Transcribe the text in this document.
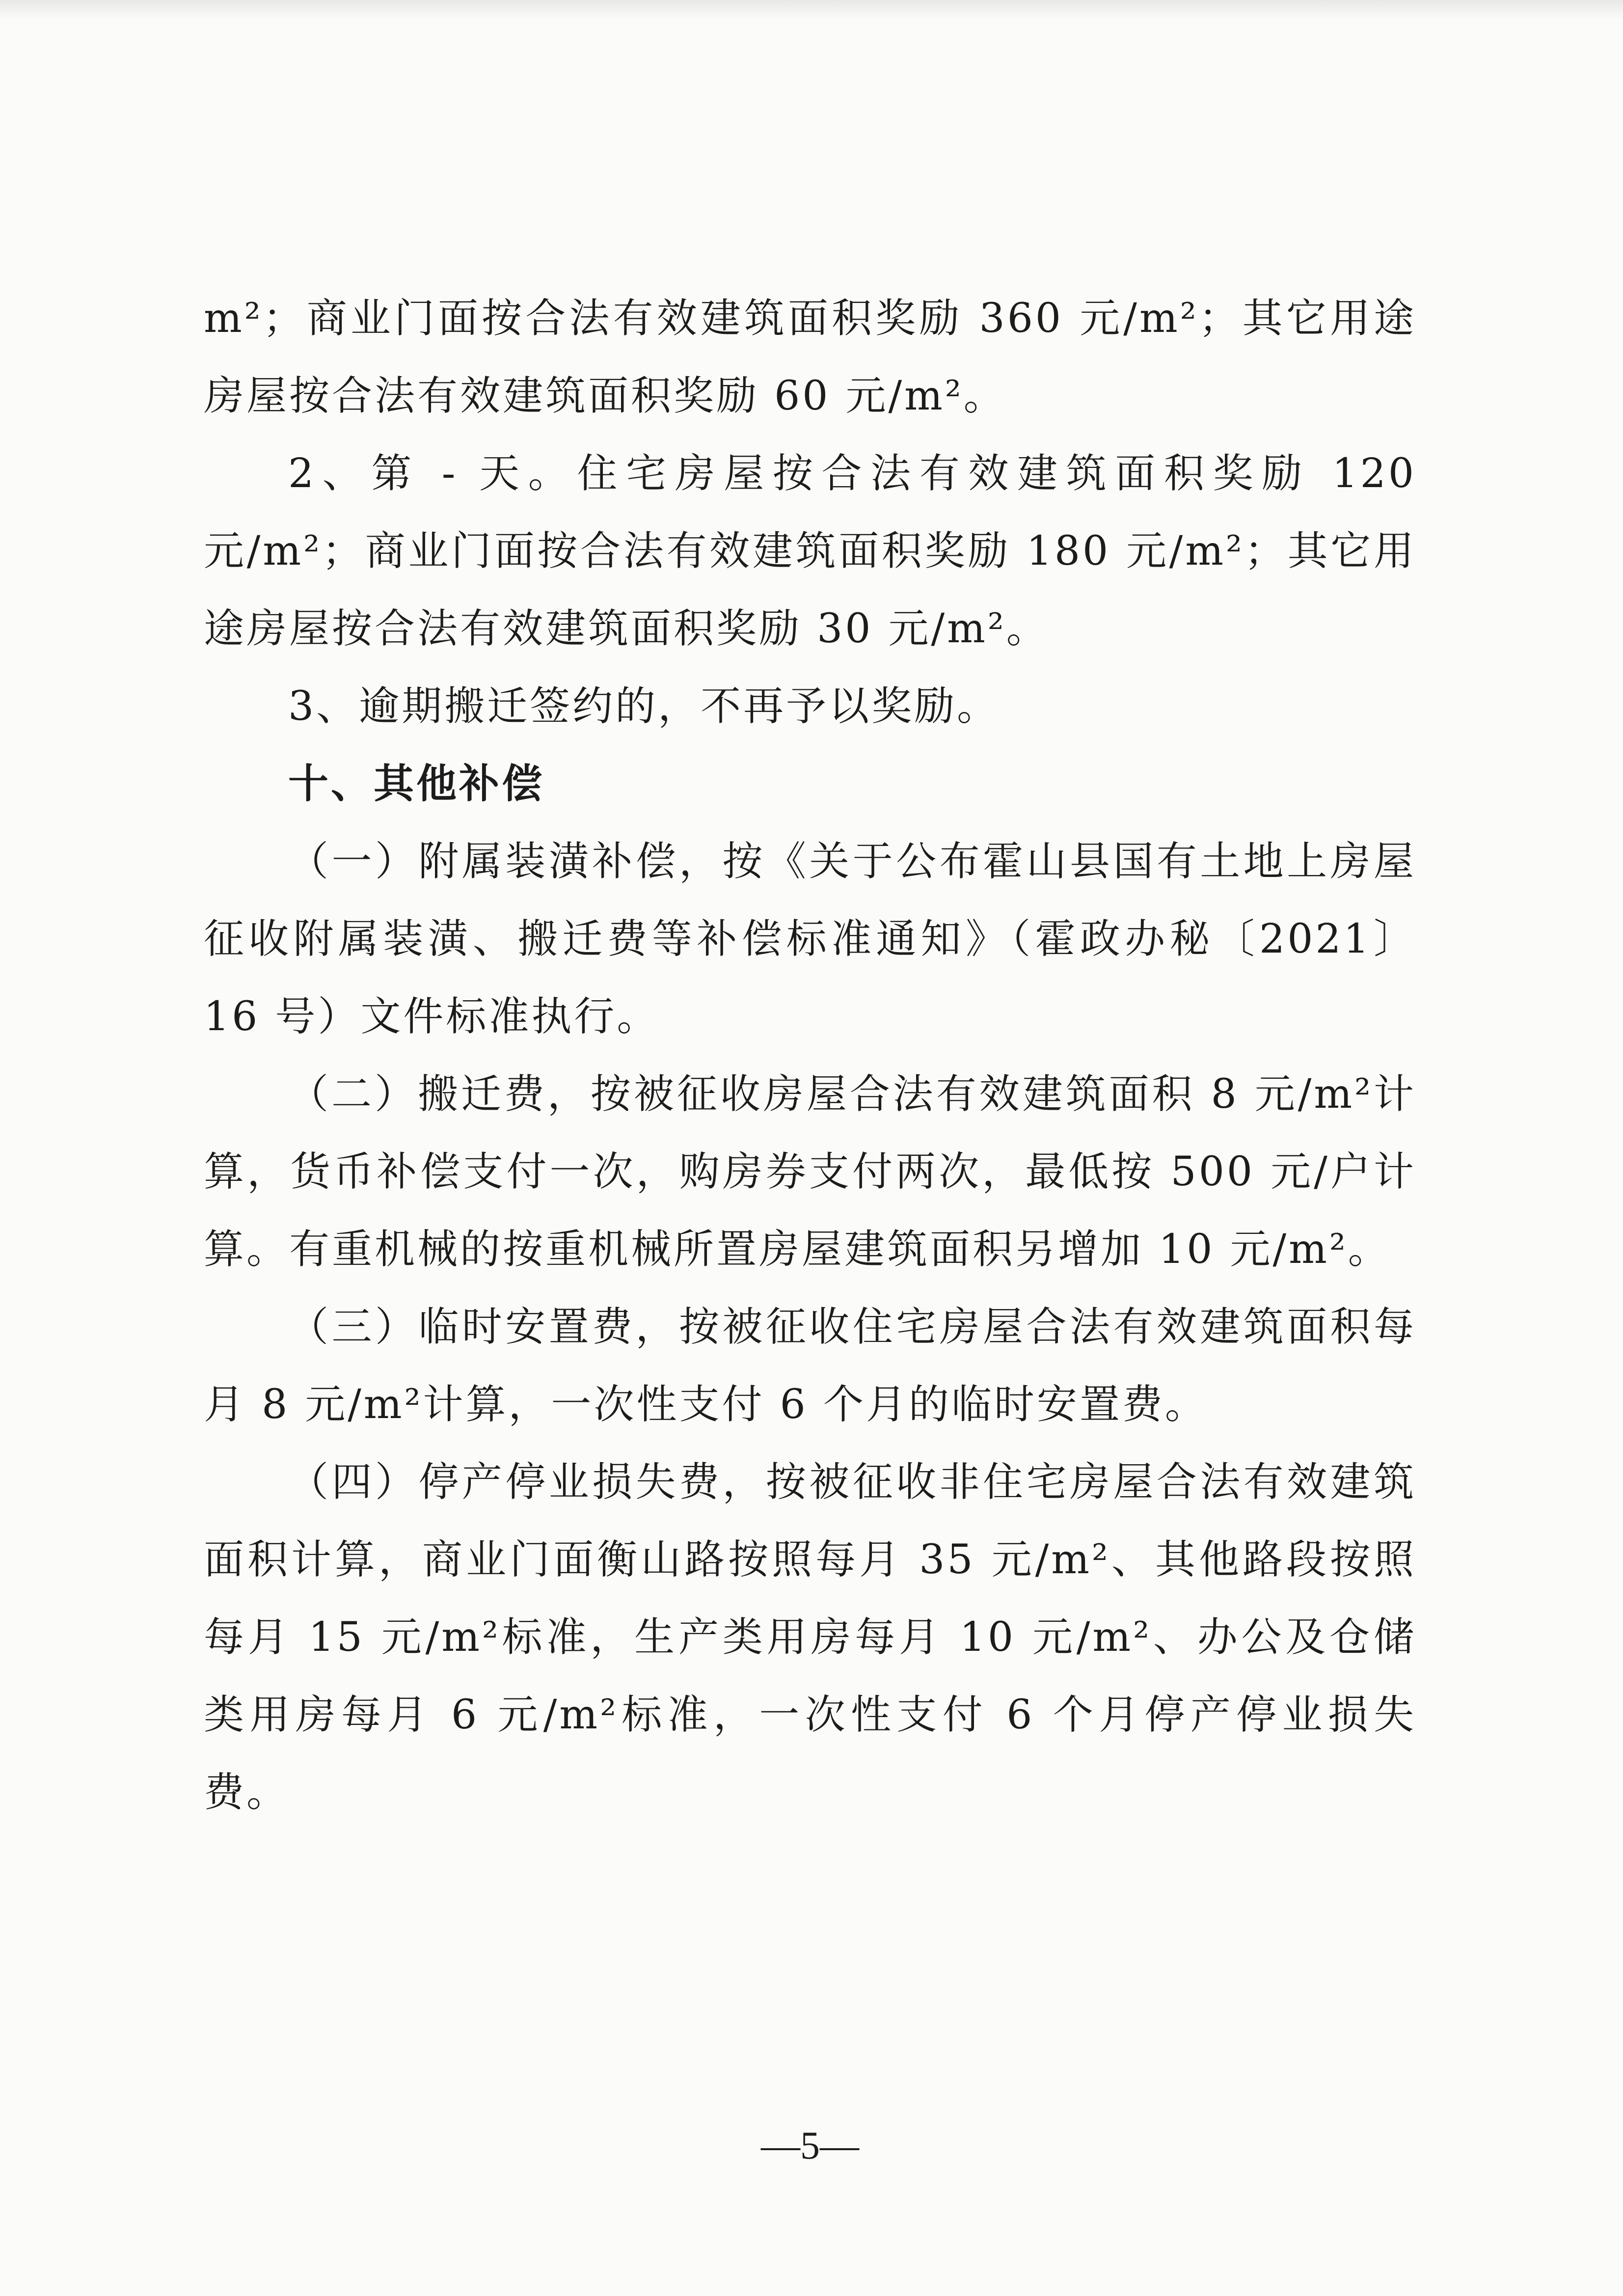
m²；商业门面按合法有效建筑面积奖励 360 元/m²；其它用途房屋按合法有效建筑面积奖励 60 元/m²。

2、第 - 天。住宅房屋按合法有效建筑面积奖励 120 元/m²；商业门面按合法有效建筑面积奖励 180 元/m²；其它用途房屋按合法有效建筑面积奖励 30 元/m²。

3、逾期搬迁签约的，不再予以奖励。

十、其他补偿

（一）附属装潢补偿，按《关于公布霍山县国有土地上房屋征收附属装潢、搬迁费等补偿标准通知》（霍政办秘〔2021〕16 号）文件标准执行。

（二）搬迁费，按被征收房屋合法有效建筑面积 8 元/m²计算，货币补偿支付一次，购房券支付两次，最低按 500 元/户计算。有重机械的按重机械所置房屋建筑面积另增加 10 元/m²。

（三）临时安置费，按被征收住宅房屋合法有效建筑面积每月 8 元/m²计算，一次性支付 6 个月的临时安置费。

（四）停产停业损失费，按被征收非住宅房屋合法有效建筑面积计算，商业门面衡山路按照每月 35 元/m²、其他路段按照每月 15 元/m²标准，生产类用房每月 10 元/m²、办公及仓储类用房每月 6 元/m²标准，一次性支付 6 个月停产停业损失费。

—5—
